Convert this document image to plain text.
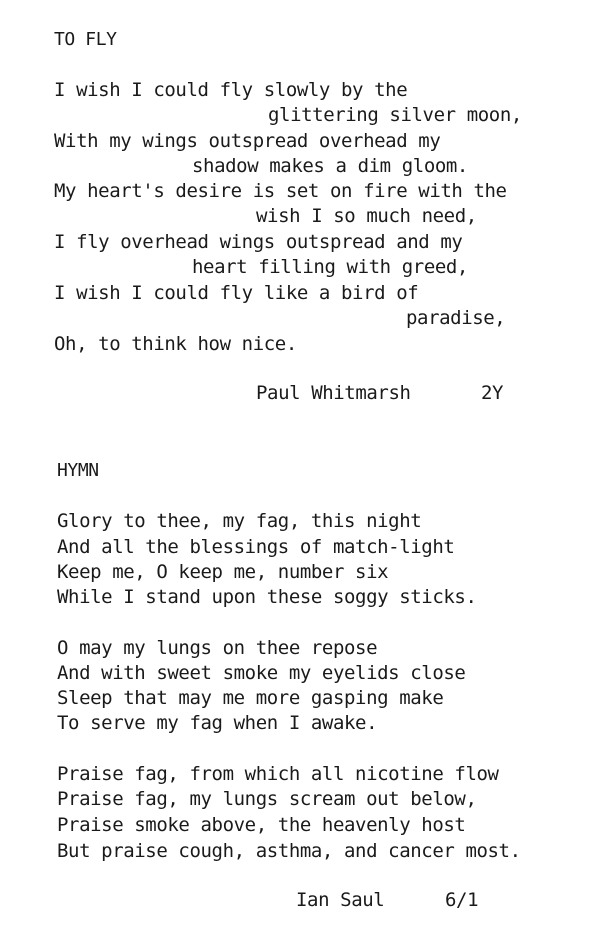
TO FLY
I wish I could fly slowly by the
glittering silver moon,
With my wings outspread overhead my
shadow makes a dim gloom.
My heart's desire is set on fire with the
wish I so much need,
I fly overhead wings outspread and my
heart filling with greed,
I wish I could fly like a bird of
paradise,
Oh, to think how nice.
Paul Whitmarsh	2Y
HYMN
Glory to thee, my fag, this night
And all the blessings of match-light
Keep me, O keep me, number six
While I stand upon these soggy sticks.
O may my lungs on thee repose
And with sweet smoke my eyelids close
Sleep that may me more gasping make
To serve my fag when I awake.
Praise fag, from which all nicotine flow
Praise fag, my lungs scream out below,
Praise smoke above, the heavenly host
But praise cough, asthma, and cancer most.
Ian Saul	6/1
